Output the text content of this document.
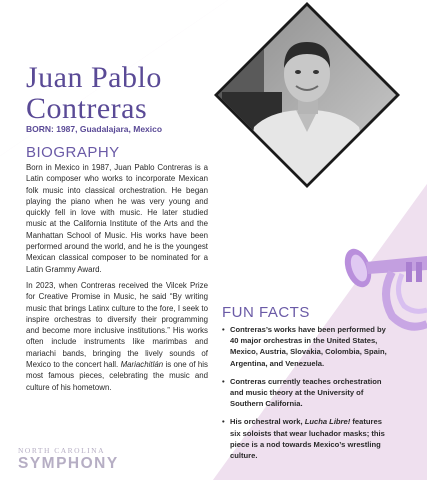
Juan Pablo
Contreras
BORN: 1987, Guadalajara, Mexico
BIOGRAPHY

Born in Mexico in 1987, Juan Pablo Contreras is a Latin composer who works to incorporate Mexican folk music into classical orchestration. He began playing the piano when he was very young and quickly fell in love with music. He later studied music at the California Institute of the Arts and the Manhattan School of Music. His works have been performed around the world, and he is the youngest Mexican classical composer to be nominated for a Latin Grammy Award.

In 2023, when Contreras received the Vilcek Prize for Creative Promise in Music, he said “By writing music that brings Latinx culture to the fore, I seek to inspire orchestras to diversify their programming and become more inclusive institutions.” His works often include instruments like marimbas and mariachi bands, bringing the lively sounds of Mexico to the concert hall. Mariachitlán is one of his most famous pieces, celebrating the music and culture of his hometown.

FUN FACTS
• Contreras’s works have been performed by 40 major orchestras in the United States, Mexico, Austria, Slovakia, Colombia, Spain, Argentina, and Venezuela.
• Contreras currently teaches orchestration and music theory at the University of Southern California.
• His orchestral work, Lucha Libre! features six soloists that wear luchador masks; this piece is a nod towards Mexico’s wrestling culture.
NORTH CAROLINA
SYMPHONY
